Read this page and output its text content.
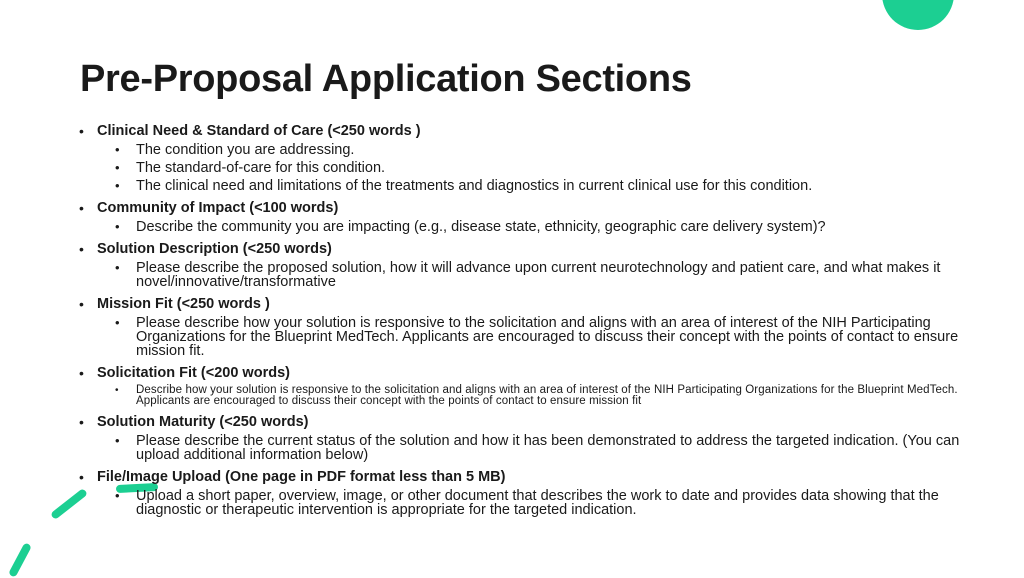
Pre-Proposal Application Sections
• Clinical Need & Standard of Care (<250 words )
• The condition you are addressing.
• The standard-of-care for this condition.
• The clinical need and limitations of the treatments and diagnostics in current clinical use for this condition.
• Community of Impact (<100 words)
• Describe the community you are impacting (e.g., disease state, ethnicity, geographic care delivery system)?
• Solution Description (<250 words)
• Please describe the proposed solution, how it will advance upon current neurotechnology and patient care, and what makes it novel/innovative/transformative
• Mission Fit (<250 words )
• Please describe how your solution is responsive to the solicitation and aligns with an area of interest of the NIH Participating Organizations for the Blueprint MedTech. Applicants are encouraged to discuss their concept with the points of contact to ensure mission fit.
• Solicitation Fit (<200 words)
• Describe how your solution is responsive to the solicitation and aligns with an area of interest of the NIH Participating Organizations for the Blueprint MedTech. Applicants are encouraged to discuss their concept with the points of contact to ensure mission fit
• Solution Maturity (<250 words)
• Please describe the current status of the solution and how it has been demonstrated to address the targeted indication. (You can upload additional information below)
• File/Image Upload (One page in PDF format less than 5 MB)
• Upload a short paper, overview, image, or other document that describes the work to date and provides data showing that the diagnostic or therapeutic intervention is appropriate for the targeted indication.
